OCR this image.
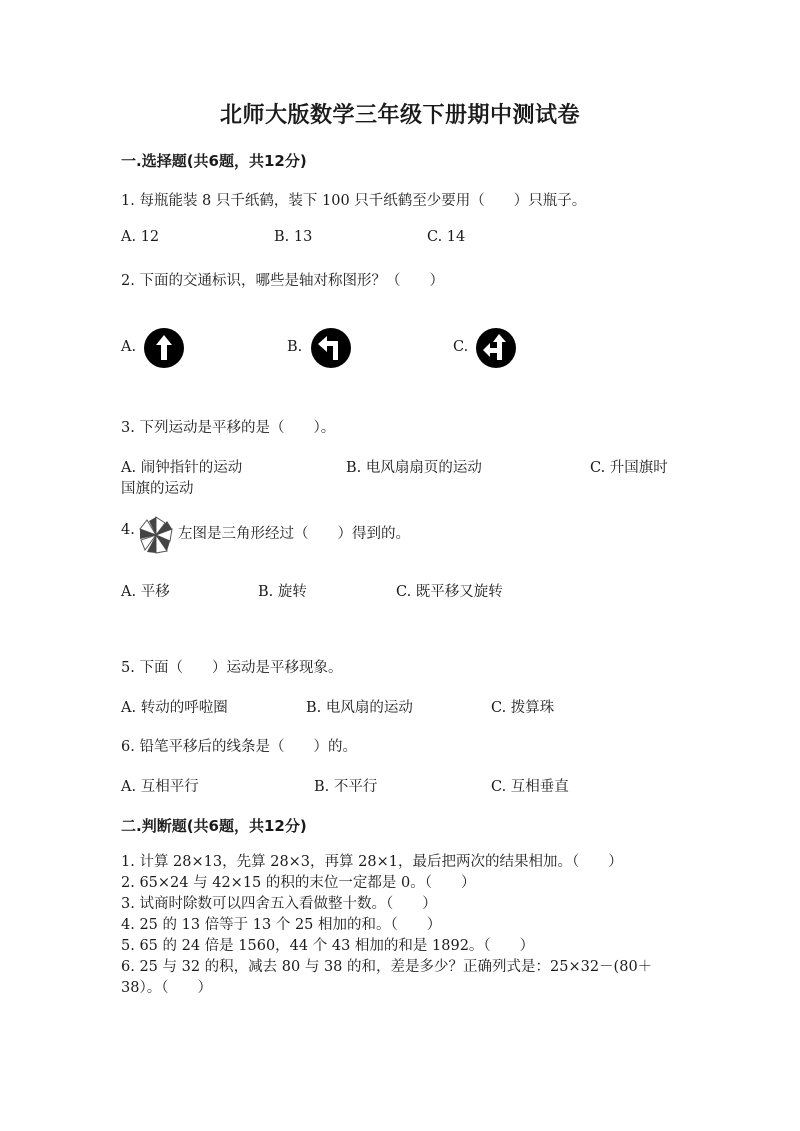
北师大版数学三年级下册期中测试卷
一.选择题(共6题，共12分)
1. 每瓶能装 8 只千纸鹤，装下 100 只千纸鹤至少要用（　　）只瓶子。
A. 12	B. 13	C. 14
2. 下面的交通标识，哪些是轴对称图形？（　　）
A.	B.	C.
3. 下列运动是平移的是（　　）。
A. 闹钟指针的运动	B. 电风扇扇页的运动	C. 升国旗时
国旗的运动
4.	左图是三角形经过（　　）得到的。
A. 平移	B. 旋转	C. 既平移又旋转
5. 下面（　　）运动是平移现象。
A. 转动的呼啦圈	B. 电风扇的运动	C. 拨算珠
6. 铅笔平移后的线条是（　　）的。
A. 互相平行	B. 不平行	C. 互相垂直
二.判断题(共6题，共12分)
1. 计算 28×13，先算 28×3，再算 28×1，最后把两次的结果相加。（　　）
2. 65×24 与 42×15 的积的末位一定都是 0。（　　）
3. 试商时除数可以四舍五入看做整十数。（　　）
4. 25 的 13 倍等于 13 个 25 相加的和。（　　）
5. 65 的 24 倍是 1560，44 个 43 相加的和是 1892。（　　）
6. 25 与 32 的积，减去 80 与 38 的和，差是多少？正确列式是：25×32－(80＋
38）。（　　）
